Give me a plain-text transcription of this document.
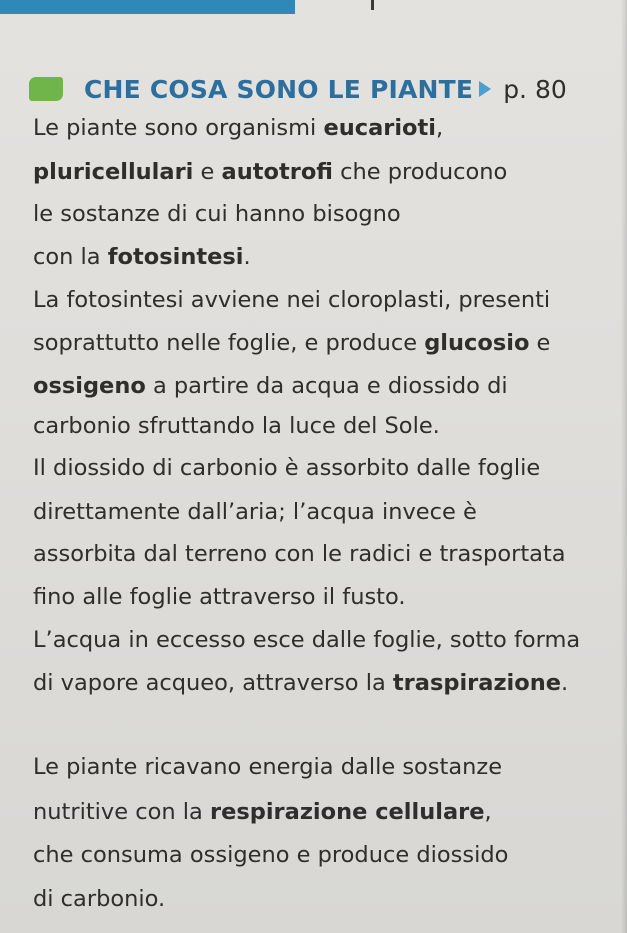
CHE COSA SONO LE PIANTE p. 80
Le piante sono organismi eucarioti,
pluricellulari e autotrofi che producono
le sostanze di cui hanno bisogno
con la fotosintesi.
La fotosintesi avviene nei cloroplasti, presenti
soprattutto nelle foglie, e produce glucosio e
ossigeno a partire da acqua e diossido di
carbonio sfruttando la luce del Sole.
Il diossido di carbonio è assorbito dalle foglie
direttamente dall’aria; l’acqua invece è
assorbita dal terreno con le radici e trasportata
fino alle foglie attraverso il fusto.
L’acqua in eccesso esce dalle foglie, sotto forma
di vapore acqueo, attraverso la traspirazione.
Le piante ricavano energia dalle sostanze
nutritive con la respirazione cellulare,
che consuma ossigeno e produce diossido
di carbonio.
